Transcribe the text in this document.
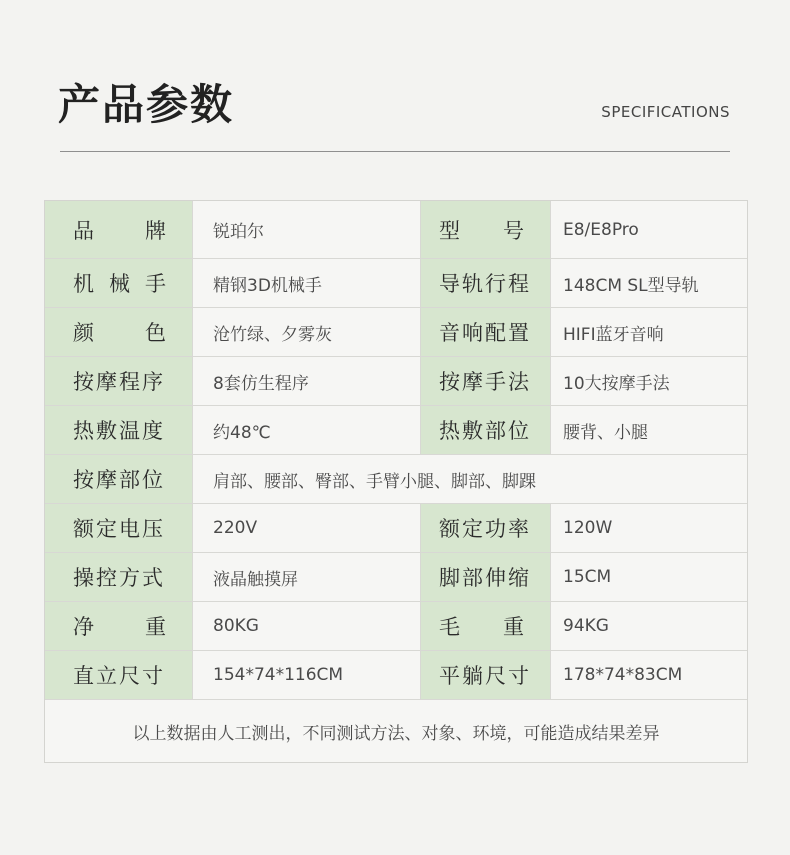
产品参数	SPECIFICATIONS
品 牌	锐珀尔	型 号	E8/E8Pro
机 械 手	精钢3D机械手	导轨行程	148CM SL型导轨
颜 色	沧竹绿、夕雾灰	音响配置	HIFI蓝牙音响
按摩程序	8套仿生程序	按摩手法	10大按摩手法
热敷温度	约48℃	热敷部位	腰背、小腿
按摩部位	肩部、腰部、臀部、手臂小腿、脚部、脚踝
额定电压	220V	额定功率	120W
操控方式	液晶触摸屏	脚部伸缩	15CM
净 重	80KG	毛 重	94KG
直立尺寸	154*74*116CM	平躺尺寸	178*74*83CM
以上数据由人工测出，不同测试方法、对象、环境，可能造成结果差异
